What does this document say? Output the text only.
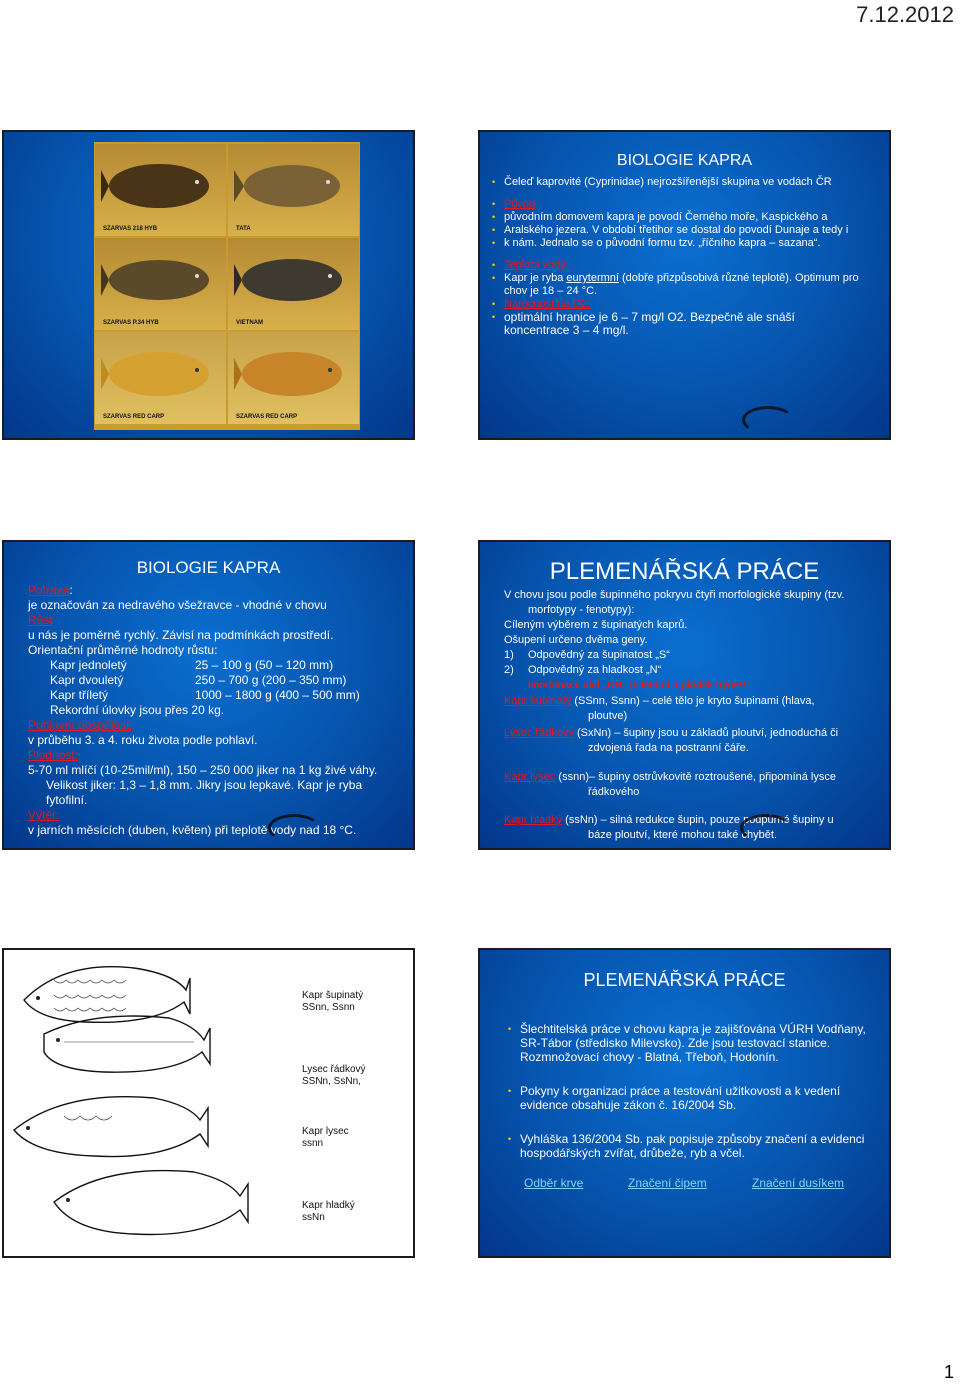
7.12.2012
SZARVAS 218 HYB	TATA
SZARVAS P.34 HYB	VIETNAM
SZARVAS RED CARP	SZARVAS RED CARP
BIOLOGIE KAPRA
• Čeleď kaprovité (Cyprinidae) nejrozšířenější skupina ve vodách ČR
• Původ
• původním domovem kapra je povodí Černého moře, Kaspického a
• Aralského jezera. V období třetihor se dostal do povodí Dunaje a tedy i
• k nám. Jednalo se o původní formu tzv. „říčního kapra – sazana“.
• Teplota vody:
• Kapr je ryba eurytermní (dobře přizpůsobivá různé teplotě). Optimum pro
chov je 18 – 24 °C.
• Nároćnost na O2:
• optimální hranice je 6 – 7 mg/l O2. Bezpečně ale snáší
koncentrace 3 – 4 mg/l.
BIOLOGIE KAPRA
Potrava:
je označován za nedravého všežravce - vhodné v chovu
Růst
u nás je poměrně rychlý. Závisí na podmínkách prostředí.
Orientační průměrné hodnoty růstu:
Kapr jednoletý	25 – 100 g (50 – 120 mm)
Kapr dvouletý	250 – 700 g (200 – 350 mm)
Kapr tříletý	1000 – 1800 g (400 – 500 mm)
Rekordní úlovky jsou přes 20 kg.
Pohlavní dospělost:
v průběhu 3. a 4. roku života podle pohlaví.
Plodnost:
5-70 ml mlíčí (10-25mil/ml), 150 – 250 000 jiker na 1 kg živé váhy.
Velikost jiker: 1,3 – 1,8 mm. Jikry jsou lepkavé. Kapr je ryba
fytofilní.
Výtěr:
v jarních měsících (duben, květen) při teplotě vody nad 18 °C.
PLEMENÁŘSKÁ PRÁCE
V chovu jsou podle šupinného pokryvu čtyři morfologické skupiny (tzv.
morfotypy - fenotypy):
Cíleným výběrem z šupinatých kaprů.
Ošupení určeno dvěma geny.
1) Odpovědný za šupinatost „S“
2) Odpovědný za hladkost „N“
kombinace alel „NN“ je letální a plodek hyne!!!
Kapr šupinatý (SSnn, Ssnn) – celé tělo je kryto šupinami (hlava,
ploutve)
Lysec řádkový (SxNn) – šupiny jsou u základů ploutví, jednoduchá či
zdvojená řada na postranní čáře.
Kapr lysec (ssnn)– šupiny ostrůvkovitě roztroušené, připomíná lysce
řádkového
Kapr hladký (ssNn) – silná redukce šupin, pouze podpůrné šupiny u
báze ploutví, které mohou také chybět.
Kapr šupinatý
SSnn, Ssnn
Lysec řádkový
SSNn, SsNn,
Kapr lysec
ssnn
Kapr hladký
ssNn
PLEMENÁŘSKÁ PRÁCE
• Šlechtitelská práce v chovu kapra je zajišťována VÚRH Vodňany, SR-Tábor (středisko Milevsko). Zde jsou testovací stanice. Rozmnožovací chovy - Blatná, Třeboň, Hodonín.
• Pokyny k organizaci práce a testování užitkovosti a k vedení evidence obsahuje zákon č. 16/2004 Sb.
• Vyhláška 136/2004 Sb. pak popisuje způsoby značení a evidenci hospodářských zvířat, drůbeže, ryb a včel.
Odběr krve	Značení čipem	Značení dusíkem
1
